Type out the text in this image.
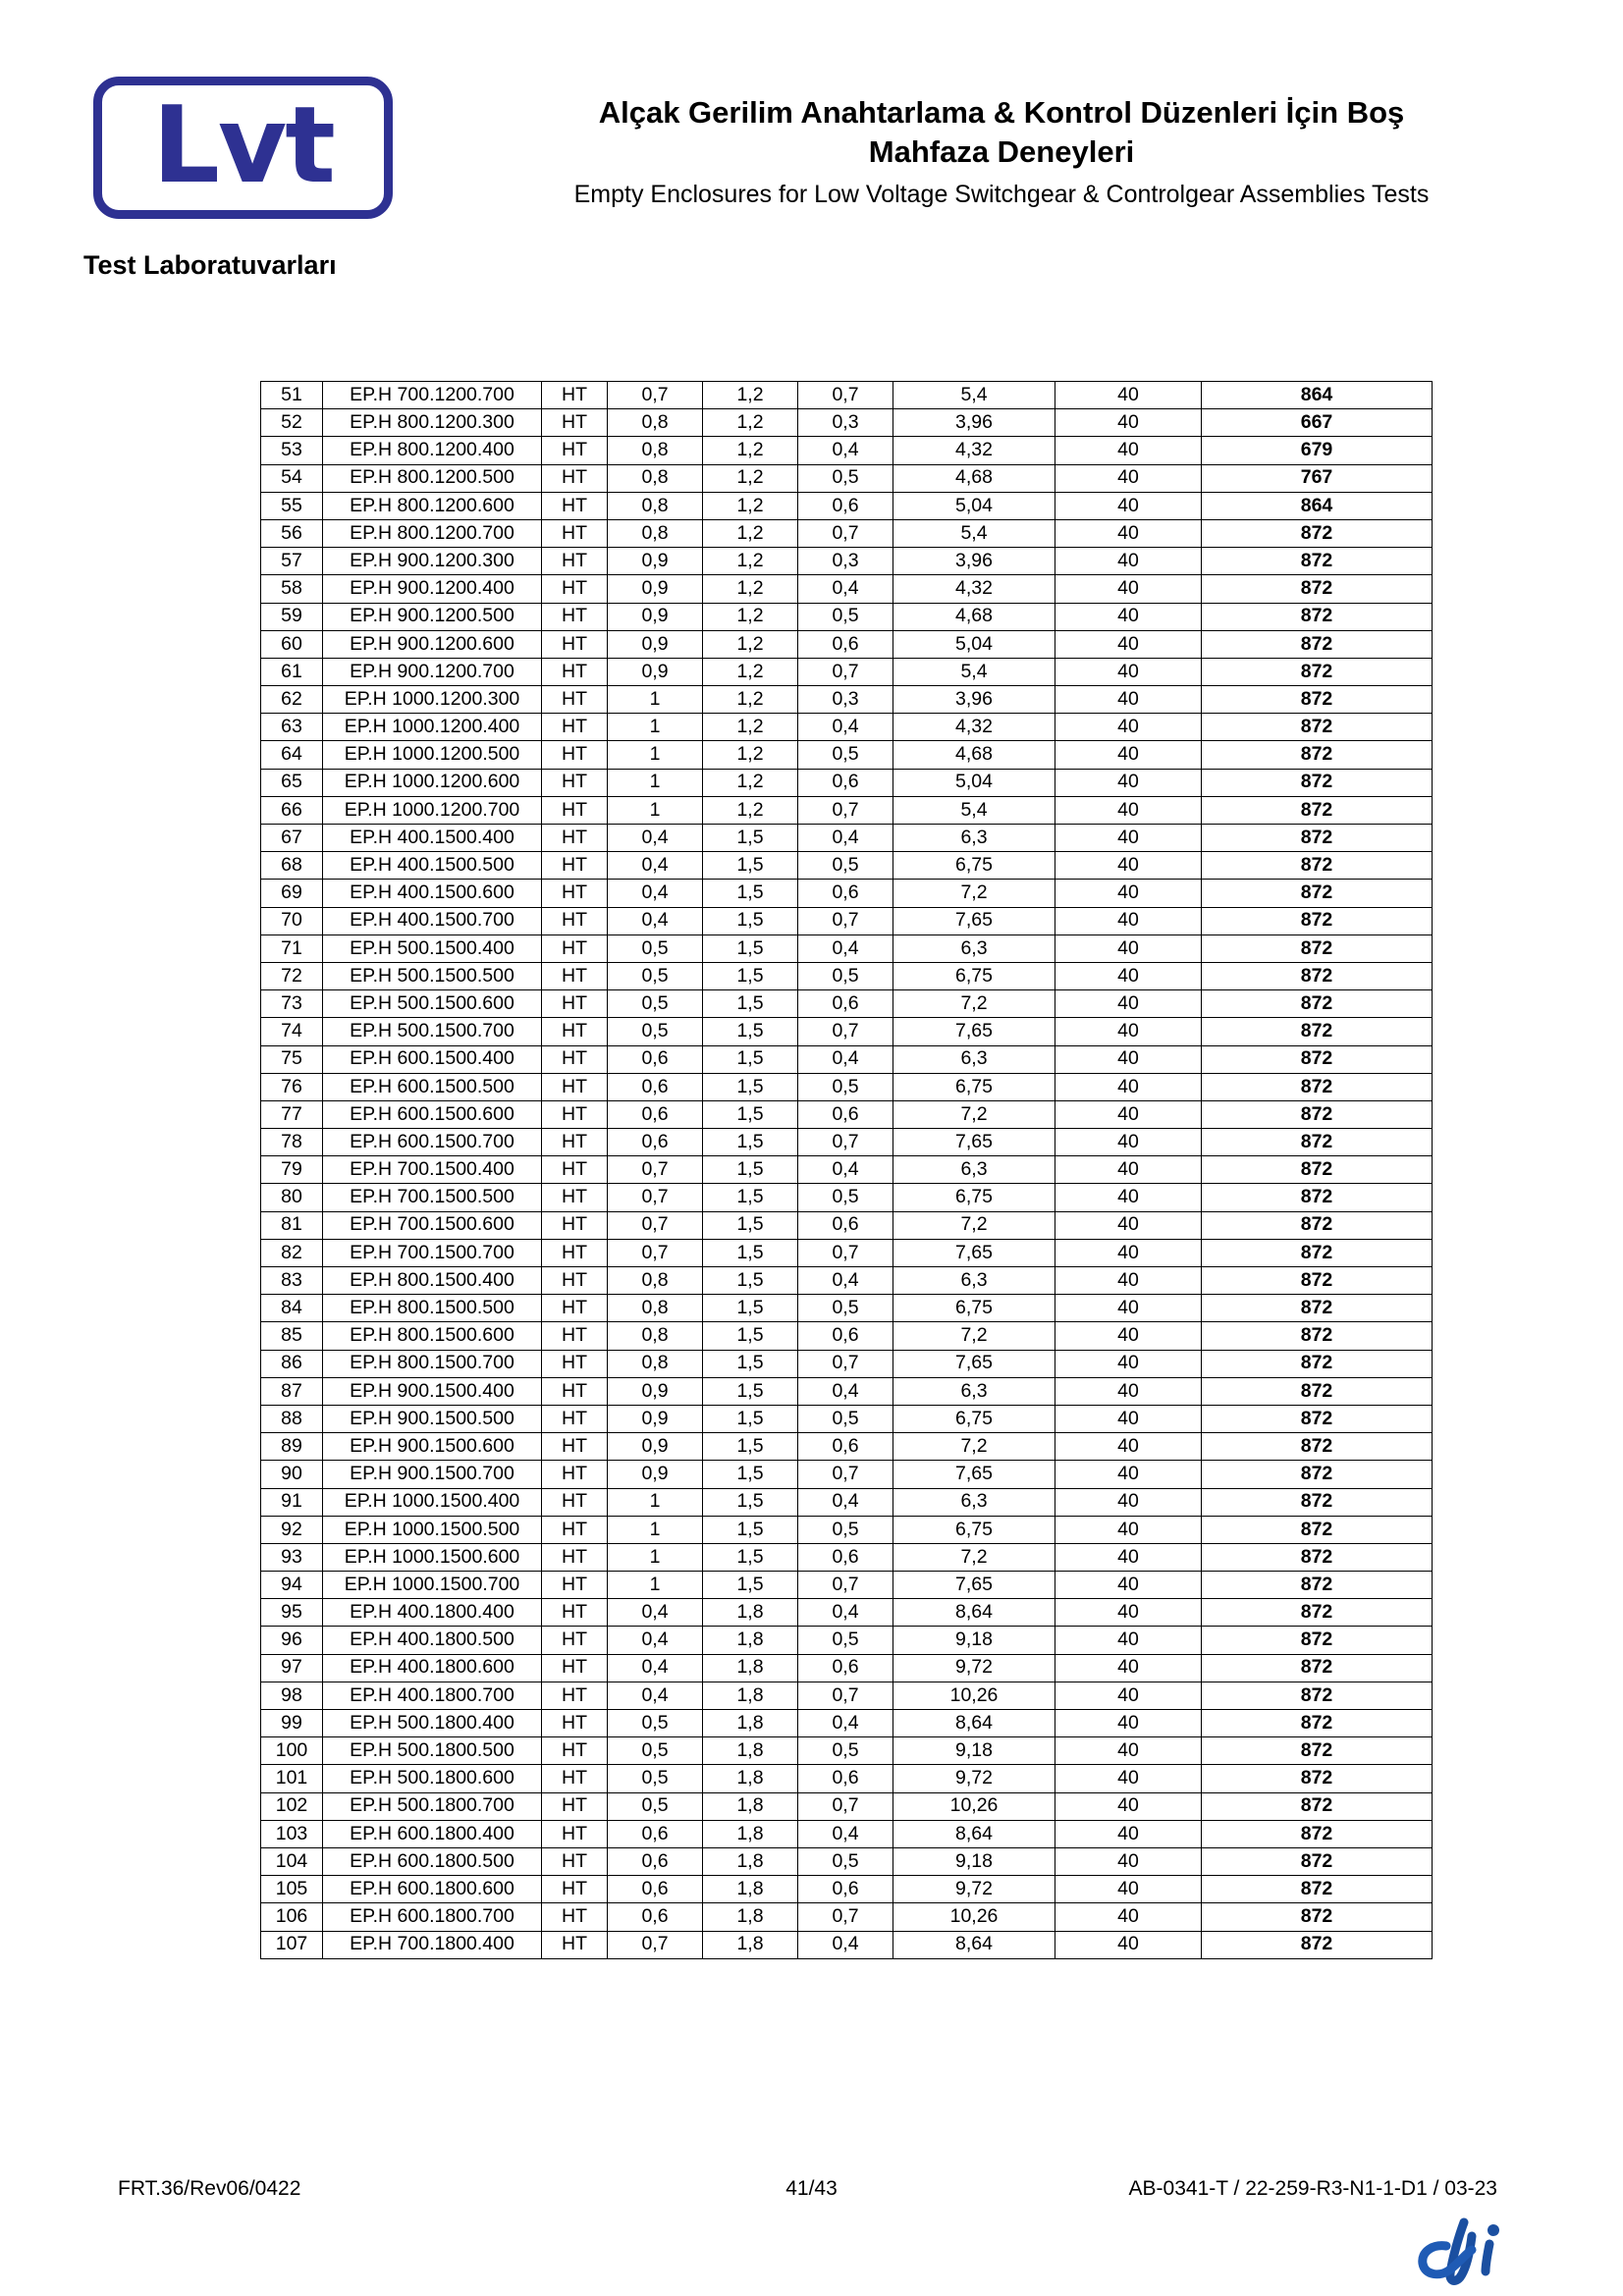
Lvt
Test Laboratuvarları
Alçak Gerilim Anahtarlama & Kontrol Düzenleri İçin Boş
Mahfaza Deneyleri
Empty Enclosures for Low Voltage Switchgear & Controlgear Assemblies Tests
51	EP.H 700.1200.700	HT	0,7	1,2	0,7	5,4	40	864
52	EP.H 800.1200.300	HT	0,8	1,2	0,3	3,96	40	667
53	EP.H 800.1200.400	HT	0,8	1,2	0,4	4,32	40	679
54	EP.H 800.1200.500	HT	0,8	1,2	0,5	4,68	40	767
55	EP.H 800.1200.600	HT	0,8	1,2	0,6	5,04	40	864
56	EP.H 800.1200.700	HT	0,8	1,2	0,7	5,4	40	872
57	EP.H 900.1200.300	HT	0,9	1,2	0,3	3,96	40	872
58	EP.H 900.1200.400	HT	0,9	1,2	0,4	4,32	40	872
59	EP.H 900.1200.500	HT	0,9	1,2	0,5	4,68	40	872
60	EP.H 900.1200.600	HT	0,9	1,2	0,6	5,04	40	872
61	EP.H 900.1200.700	HT	0,9	1,2	0,7	5,4	40	872
62	EP.H 1000.1200.300	HT	1	1,2	0,3	3,96	40	872
63	EP.H 1000.1200.400	HT	1	1,2	0,4	4,32	40	872
64	EP.H 1000.1200.500	HT	1	1,2	0,5	4,68	40	872
65	EP.H 1000.1200.600	HT	1	1,2	0,6	5,04	40	872
66	EP.H 1000.1200.700	HT	1	1,2	0,7	5,4	40	872
67	EP.H 400.1500.400	HT	0,4	1,5	0,4	6,3	40	872
68	EP.H 400.1500.500	HT	0,4	1,5	0,5	6,75	40	872
69	EP.H 400.1500.600	HT	0,4	1,5	0,6	7,2	40	872
70	EP.H 400.1500.700	HT	0,4	1,5	0,7	7,65	40	872
71	EP.H 500.1500.400	HT	0,5	1,5	0,4	6,3	40	872
72	EP.H 500.1500.500	HT	0,5	1,5	0,5	6,75	40	872
73	EP.H 500.1500.600	HT	0,5	1,5	0,6	7,2	40	872
74	EP.H 500.1500.700	HT	0,5	1,5	0,7	7,65	40	872
75	EP.H 600.1500.400	HT	0,6	1,5	0,4	6,3	40	872
76	EP.H 600.1500.500	HT	0,6	1,5	0,5	6,75	40	872
77	EP.H 600.1500.600	HT	0,6	1,5	0,6	7,2	40	872
78	EP.H 600.1500.700	HT	0,6	1,5	0,7	7,65	40	872
79	EP.H 700.1500.400	HT	0,7	1,5	0,4	6,3	40	872
80	EP.H 700.1500.500	HT	0,7	1,5	0,5	6,75	40	872
81	EP.H 700.1500.600	HT	0,7	1,5	0,6	7,2	40	872
82	EP.H 700.1500.700	HT	0,7	1,5	0,7	7,65	40	872
83	EP.H 800.1500.400	HT	0,8	1,5	0,4	6,3	40	872
84	EP.H 800.1500.500	HT	0,8	1,5	0,5	6,75	40	872
85	EP.H 800.1500.600	HT	0,8	1,5	0,6	7,2	40	872
86	EP.H 800.1500.700	HT	0,8	1,5	0,7	7,65	40	872
87	EP.H 900.1500.400	HT	0,9	1,5	0,4	6,3	40	872
88	EP.H 900.1500.500	HT	0,9	1,5	0,5	6,75	40	872
89	EP.H 900.1500.600	HT	0,9	1,5	0,6	7,2	40	872
90	EP.H 900.1500.700	HT	0,9	1,5	0,7	7,65	40	872
91	EP.H 1000.1500.400	HT	1	1,5	0,4	6,3	40	872
92	EP.H 1000.1500.500	HT	1	1,5	0,5	6,75	40	872
93	EP.H 1000.1500.600	HT	1	1,5	0,6	7,2	40	872
94	EP.H 1000.1500.700	HT	1	1,5	0,7	7,65	40	872
95	EP.H 400.1800.400	HT	0,4	1,8	0,4	8,64	40	872
96	EP.H 400.1800.500	HT	0,4	1,8	0,5	9,18	40	872
97	EP.H 400.1800.600	HT	0,4	1,8	0,6	9,72	40	872
98	EP.H 400.1800.700	HT	0,4	1,8	0,7	10,26	40	872
99	EP.H 500.1800.400	HT	0,5	1,8	0,4	8,64	40	872
100	EP.H 500.1800.500	HT	0,5	1,8	0,5	9,18	40	872
101	EP.H 500.1800.600	HT	0,5	1,8	0,6	9,72	40	872
102	EP.H 500.1800.700	HT	0,5	1,8	0,7	10,26	40	872
103	EP.H 600.1800.400	HT	0,6	1,8	0,4	8,64	40	872
104	EP.H 600.1800.500	HT	0,6	1,8	0,5	9,18	40	872
105	EP.H 600.1800.600	HT	0,6	1,8	0,6	9,72	40	872
106	EP.H 600.1800.700	HT	0,6	1,8	0,7	10,26	40	872
107	EP.H 700.1800.400	HT	0,7	1,8	0,4	8,64	40	872
FRT.36/Rev06/0422	41/43	AB-0341-T / 22-259-R3-N1-1-D1 / 03-23
